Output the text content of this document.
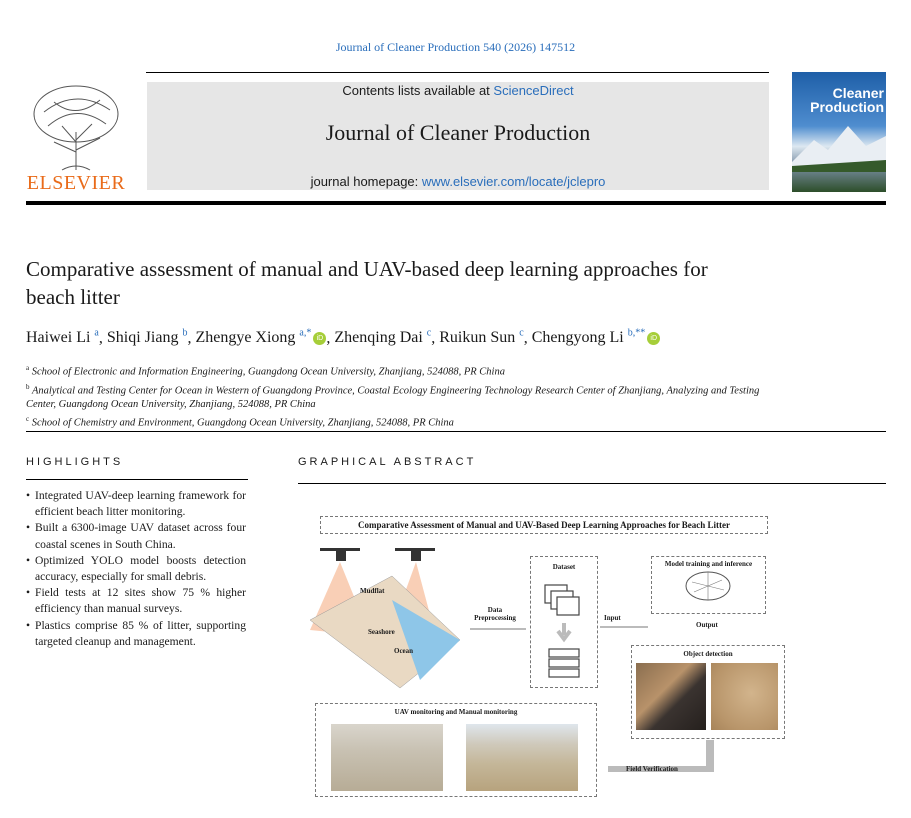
Journal of Cleaner Production 540 (2026) 147512
ELSEVIER
Contents lists available at ScienceDirect
Journal of Cleaner Production
journal homepage: www.elsevier.com/locate/jclepro
Cleaner Production
Comparative assessment of manual and UAV-based deep learning approaches for beach litter
Haiwei Li $^a$, Shiqi Jiang $^b$, Zhengye Xiong $^{a,*}$ iD , Zhenqing Dai $^c$, Ruikun Sun $^c$, Chengyong Li $^{b,**}$ iD
$^a$ School of Electronic and Information Engineering, Guangdong Ocean University, Zhanjiang, 524088, PR China
$^b$ Analytical and Testing Center for Ocean in Western of Guangdong Province, Coastal Ecology Engineering Technology Research Center of Zhanjiang, Analyzing and Testing Center, Guangdong Ocean University, Zhanjiang, 524088, PR China
$^c$ School of Chemistry and Environment, Guangdong Ocean University, Zhanjiang, 524088, PR China
HIGHLIGHTS
• Integrated UAV-deep learning framework for efficient beach litter monitoring.
• Built a 6300-image UAV dataset across four coastal scenes in South China.
• Optimized YOLO model boosts detection accuracy, especially for small debris.
• Field tests at 12 sites show 75 % higher efficiency than manual surveys.
• Plastics comprise 85 % of litter, supporting targeted cleanup and management.
GRAPHICAL ABSTRACT
Comparative Assessment of Manual and UAV-Based Deep Learning Approaches for Beach Litter
Mudflat
Seashore
Ocean
Data
Preprocessing
Dataset
Input
Model training and inference
Output
Object detection
Field Verification
UAV monitoring and Manual monitoring
